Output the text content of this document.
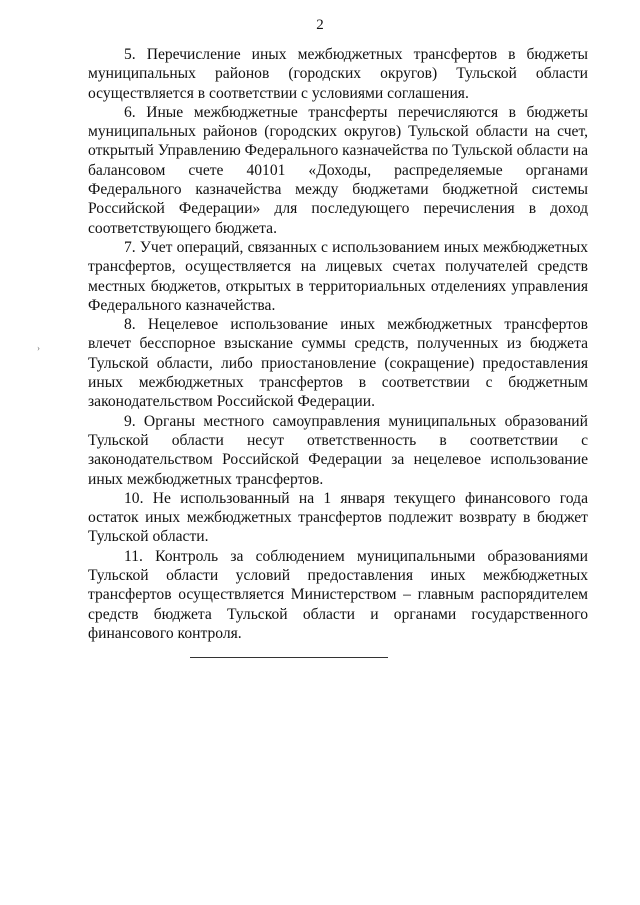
2
›

5. Перечисление иных межбюджетных трансфертов в бюджеты муниципальных районов (городских округов) Тульской области осуществляется в соответствии с условиями соглашения.

6. Иные межбюджетные трансферты перечисляются в бюджеты муниципальных районов (городских округов) Тульской области на счет, открытый Управлению Федерального казначейства по Тульской области на балансовом счете 40101 «Доходы, распределяемые органами Федерального казначейства между бюджетами бюджетной системы Российской Федерации» для последующего перечисления в доход соответствующего бюджета.

7. Учет операций, связанных с использованием иных межбюджетных трансфертов, осуществляется на лицевых счетах получателей средств местных бюджетов, открытых в территориальных отделениях управления Федерального казначейства.

8. Нецелевое использование иных межбюджетных трансфертов влечет бесспорное взыскание суммы средств, полученных из бюджета Тульской области, либо приостановление (сокращение) предоставления иных межбюджетных трансфертов в соответствии с бюджетным законодательством Российской Федерации.

9. Органы местного самоуправления муниципальных образований Тульской области несут ответственность в соответствии с законодательством Российской Федерации за нецелевое использование иных межбюджетных трансфертов.

10. Не использованный на 1 января текущего финансового года остаток иных межбюджетных трансфертов подлежит возврату в бюджет Тульской области.

11. Контроль за соблюдением муниципальными образованиями Тульской области условий предоставления иных межбюджетных трансфертов осуществляется Министерством – главным распорядителем средств бюджета Тульской области и органами государственного финансового контроля.
